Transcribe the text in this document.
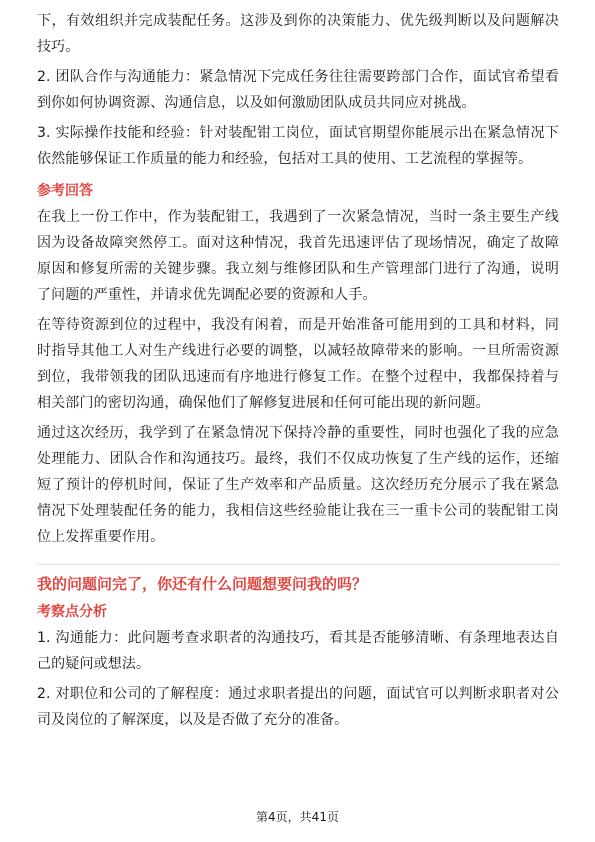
下，有效组织并完成装配任务。这涉及到你的决策能力、优先级判断以及问题解决技巧。

2. 团队合作与沟通能力：紧急情况下完成任务往往需要跨部门合作，面试官希望看到你如何协调资源、沟通信息，以及如何激励团队成员共同应对挑战。

3. 实际操作技能和经验：针对装配钳工岗位，面试官期望你能展示出在紧急情况下依然能够保证工作质量的能力和经验，包括对工具的使用、工艺流程的掌握等。

参考回答

在我上一份工作中，作为装配钳工，我遇到了一次紧急情况，当时一条主要生产线因为设备故障突然停工。面对这种情况，我首先迅速评估了现场情况，确定了故障原因和修复所需的关键步骤。我立刻与维修团队和生产管理部门进行了沟通，说明了问题的严重性，并请求优先调配必要的资源和人手。

在等待资源到位的过程中，我没有闲着，而是开始准备可能用到的工具和材料，同时指导其他工人对生产线进行必要的调整，以减轻故障带来的影响。一旦所需资源到位，我带领我的团队迅速而有序地进行修复工作。在整个过程中，我都保持着与相关部门的密切沟通，确保他们了解修复进展和任何可能出现的新问题。

通过这次经历，我学到了在紧急情况下保持冷静的重要性，同时也强化了我的应急处理能力、团队合作和沟通技巧。最终，我们不仅成功恢复了生产线的运作，还缩短了预计的停机时间，保证了生产效率和产品质量。这次经历充分展示了我在紧急情况下处理装配任务的能力，我相信这些经验能让我在三一重卡公司的装配钳工岗位上发挥重要作用。

我的问题问完了，你还有什么问题想要问我的吗？

考察点分析

1. 沟通能力：此问题考查求职者的沟通技巧，看其是否能够清晰、有条理地表达自己的疑问或想法。

2. 对职位和公司的了解程度：通过求职者提出的问题，面试官可以判断求职者对公司及岗位的了解深度，以及是否做了充分的准备。

第4页，共41页
